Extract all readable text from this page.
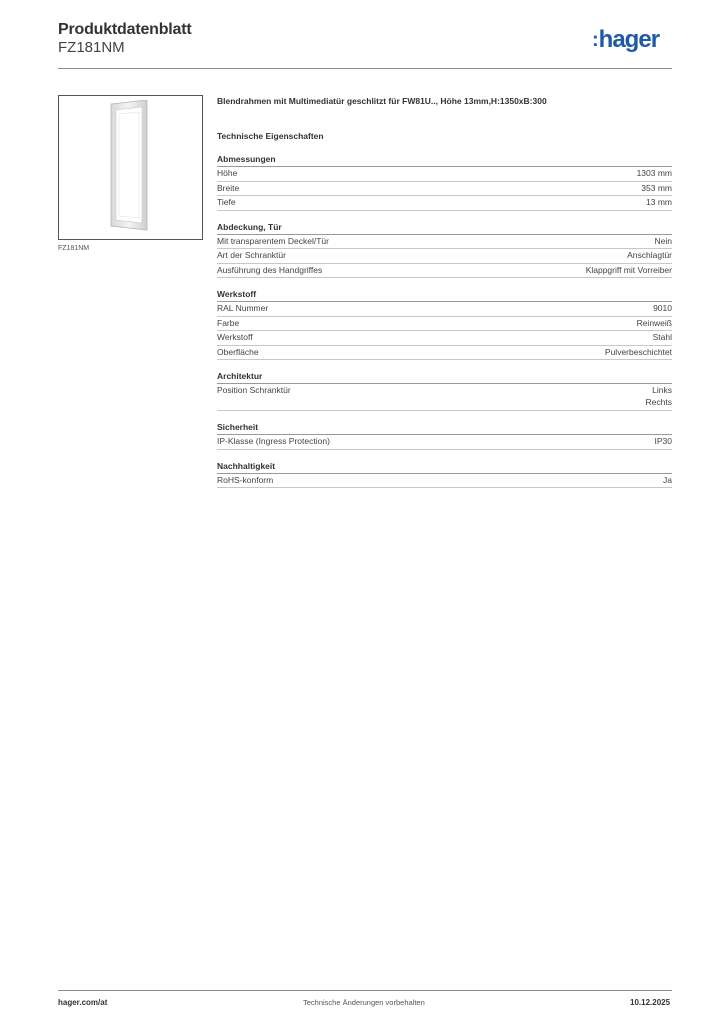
Produktdatenblatt
FZ181NM	:hager
FZ181NM
Blendrahmen mit Multimediatür geschlitzt für FW81U.., Höhe 13mm,H:1350xB:300
Technische Eigenschaften
Abmessungen
Höhe	1303 mm
Breite	353 mm
Tiefe	13 mm
Abdeckung, Tür
Mit transparentem Deckel/Tür	Nein
Art der Schranktür	Anschlagtür
Ausführung des Handgriffes	Klappgriff mit Vorreiber
Werkstoff
RAL Nummer	9010
Farbe	Reinweiß
Werkstoff	Stahl
Oberfläche	Pulverbeschichtet
Architektur
Position Schranktür	Links
Rechts
Sicherheit
IP-Klasse (Ingress Protection)	IP30
Nachhaltigkeit
RoHS-konform	Ja
hager.com/at	Technische Änderungen vorbehalten	10.12.2025
